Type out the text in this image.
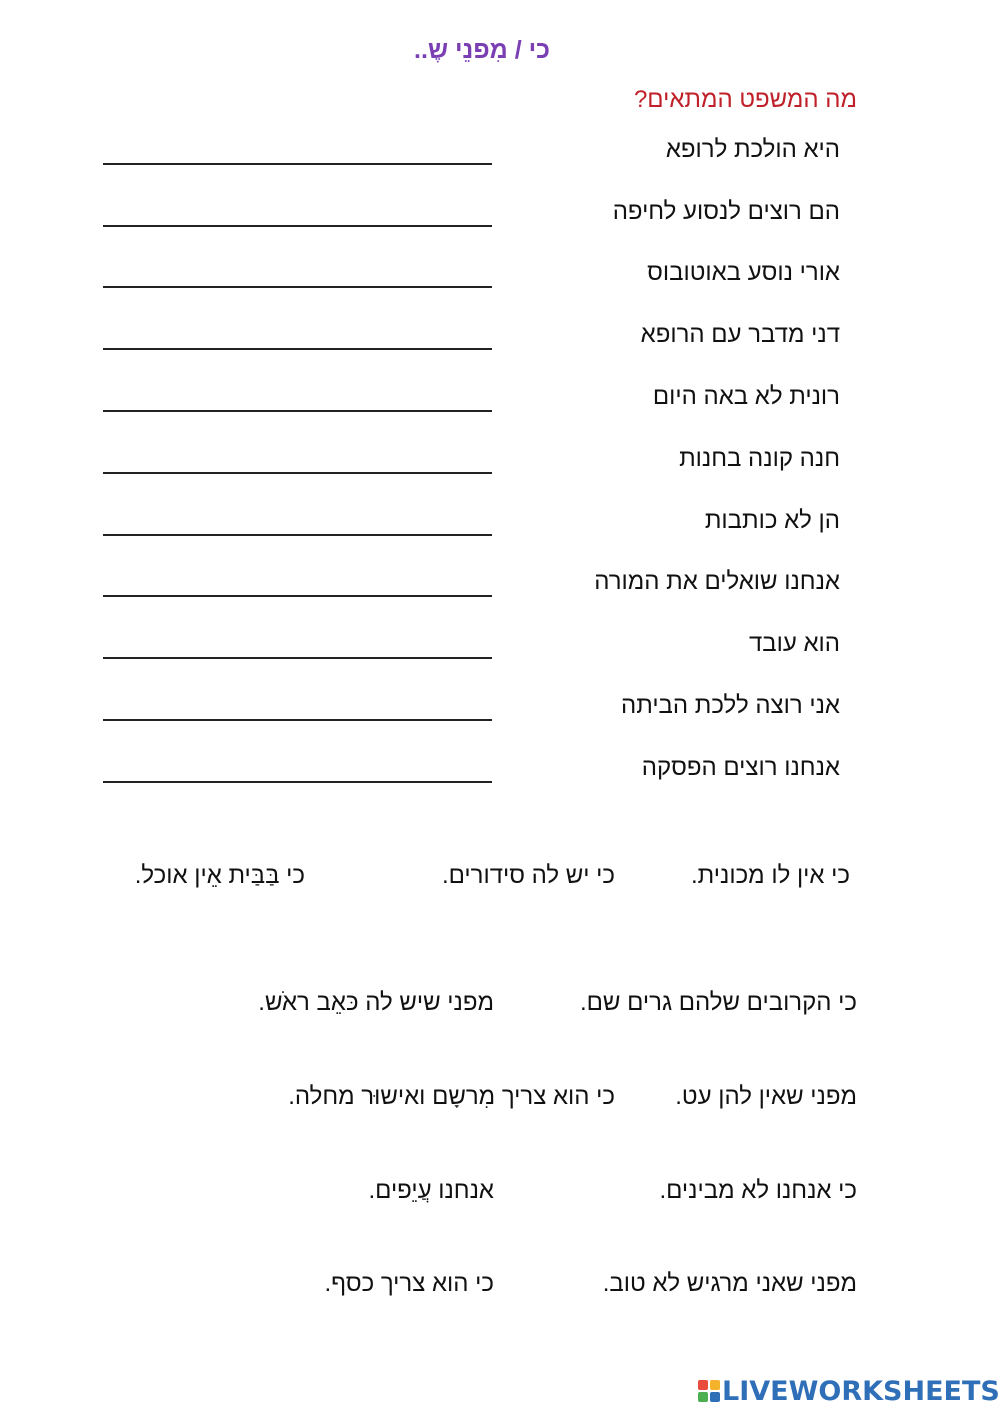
כי / מִפנֵי שֶ..
מה המשפט המתאים?
היא הולכת לרופא
הם רוצים לנסוע לחיפה
אורי נוסע באוטובוס
דני מדבר עם הרופא
רונית לא באה היום
חנה קונה בחנות
הן לא כותבות
אנחנו שואלים את המורה
הוא עובד
אני רוצה ללכת הביתה
אנחנו רוצים הפסקה
כי אין לו מכונית.
כי יש לה סידורים.
כי בַּבַּית אֵין אוכל.
כי הקרובים שלהם גרים שם.
מפני שיש לה כּאֵב ראֹש.
מפני שאין להן עט.
כי הוא צריך מִרשָם ואישוּר מחלה.
כי אנחנו לא מבינים.
אנחנו עֲיֵפים.
מפני שאני מרגיש לא טוב.
כי הוא צריך כסף.
LIVEWORKSHEETS
